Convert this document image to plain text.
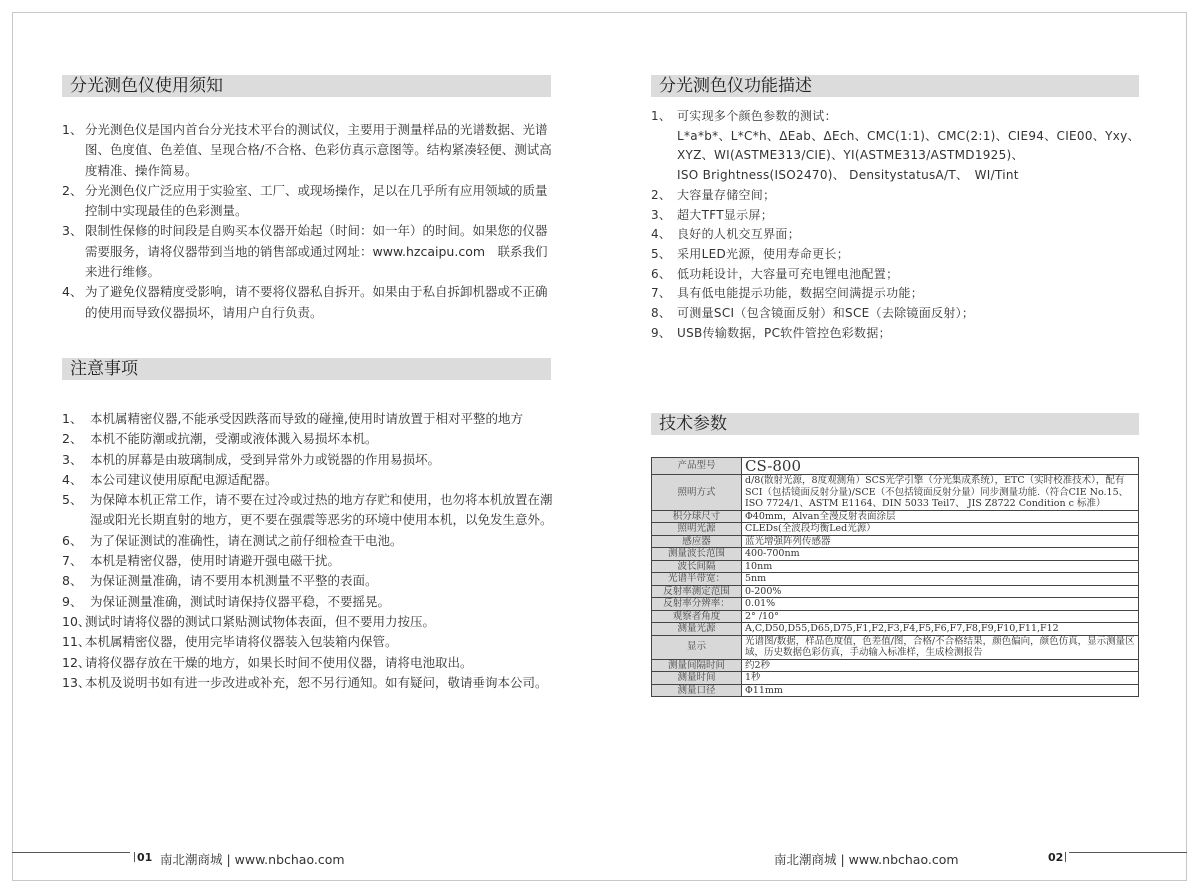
分光测色仪使用须知
1、 分光测色仪是国内首台分光技术平台的测试仪，主要用于测量样品的光谱数据、光谱图、色度值、色差值、呈现合格/不合格、色彩仿真示意图等。结构紧凑轻便、测试高度精准、操作简易。
2、 分光测色仪广泛应用于实验室、工厂、或现场操作，足以在几乎所有应用领域的质量控制中实现最佳的色彩测量。
3、 限制性保修的时间段是自购买本仪器开始起（时间：如一年）的时间。如果您的仪器需要服务，请将仪器带到当地的销售部或通过网址：www.hzcaipu.com　联系我们来进行维修。
4、 为了避免仪器精度受影响，请不要将仪器私自拆开。如果由于私自拆卸机器或不正确的使用而导致仪器损坏，请用户自行负责。
注意事项
1、 本机属精密仪器,不能承受因跌落而导致的碰撞,使用时请放置于相对平整的地方
2、 本机不能防潮或抗潮，受潮或液体溅入易损坏本机。
3、 本机的屏幕是由玻璃制成，受到异常外力或锐器的作用易损坏。
4、 本公司建议使用原配电源适配器。
5、 为保障本机正常工作，请不要在过冷或过热的地方存贮和使用，也勿将本机放置在潮湿或阳光长期直射的地方，更不要在强震等恶劣的环境中使用本机，以免发生意外。
6、 为了保证测试的准确性，请在测试之前仔细检查干电池。
7、 本机是精密仪器，使用时请避开强电磁干扰。
8、 为保证测量准确，请不要用本机测量不平整的表面。
9、 为保证测量准确，测试时请保持仪器平稳，不要摇晃。
10、
测试时请将仪器的测试口紧贴测试物体表面，但不要用力按压。
11、
本机属精密仪器，使用完毕请将仪器装入包装箱内保管。
12、
请将仪器存放在干燥的地方，如果长时间不使用仪器，请将电池取出。
13、
本机及说明书如有进一步改进或补充，恕不另行通知。如有疑问，敬请垂询本公司。
01 南北潮商城 | www.nbchao.com
分光测色仪功能描述
1、 可实现多个颜色参数的测试：
L*a*b*、L*C*h、ΔEab、ΔEch、CMC(1:1)、CMC(2:1)、CIE94、CIE00、Yxy、XYZ、WI(ASTME313/CIE)、YI(ASTME313/ASTMD1925)、
ISO Brightness(ISO2470)、 DensitystatusA/T、　WI/Tint
2、 大容量存储空间；
3、 超大TFT显示屏；
4、 良好的人机交互界面；
5、 采用LED光源，使用寿命更长；
6、 低功耗设计，大容量可充电锂电池配置；
7、 具有低电能提示功能，数据空间满提示功能；
8、 可测量SCI（包含镜面反射）和SCE（去除镜面反射）；
9、 USB传输数据，PC软件管控色彩数据；
技术参数
产品型号	CS-800
照明方式	d/8(散射光源，8度观测角）SCS光学引擎（分光集成系统），ETC（实时校准技术），配有 SCI（包括镜面反射分量)/SCE（不包括镜面反射分量）同步测量功能.（符合CIE No.15、ISO 7724/1、ASTM E1164、DIN 5033 Teil7、 JIS Z8722 Condition c 标准）
积分球尺寸	Φ40mm，Alvan全漫反射表面涂层
照明光源	CLEDs(全波段均衡Led光源）
感应器	蓝光增强阵列传感器
测量波长范围	400-700nm
波长间隔	10nm
光谱半带宽：	5nm
反射率测定范围	0-200%
反射率分辨率：	0.01%
观察者角度	2° /10°
测量光源	A,C,D50,D55,D65,D75,F1,F2,F3,F4,F5,F6,F7,F8,F9,F10,F11,F12
显示	光谱图/数据，样品色度值，色差值/图，合格/不合格结果，颜色偏向，颜色仿真，显示测量区域，历史数据色彩仿真，手动输入标准样，生成检测报告
测量间隔时间	约2秒
测量时间	1秒
测量口径	Φ11mm
南北潮商城 | www.nbchao.com	02
